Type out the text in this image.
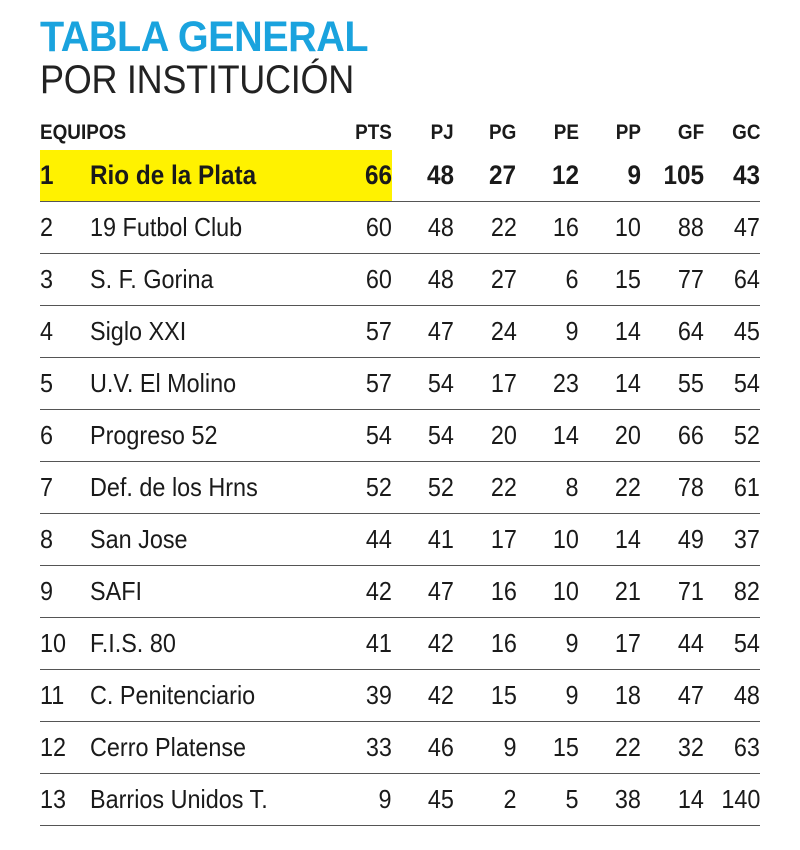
TABLA GENERAL
POR INSTITUCIÓN
EQUIPOS		PTS	PJ	PG	PE	PP	GF	GC
1	Rio de la Plata	66	48	27	12	9	105	43
2	19 Futbol Club	60	48	22	16	10	88	47
3	S. F. Gorina	60	48	27	6	15	77	64
4	Siglo XXI	57	47	24	9	14	64	45
5	U.V. El Molino	57	54	17	23	14	55	54
6	Progreso 52	54	54	20	14	20	66	52
7	Def. de los Hrns	52	52	22	8	22	78	61
8	San Jose	44	41	17	10	14	49	37
9	SAFI	42	47	16	10	21	71	82
10	F.I.S. 80	41	42	16	9	17	44	54
11	C. Penitenciario	39	42	15	9	18	47	48
12	Cerro Platense	33	46	9	15	22	32	63
13	Barrios Unidos T.	9	45	2	5	38	14	140
